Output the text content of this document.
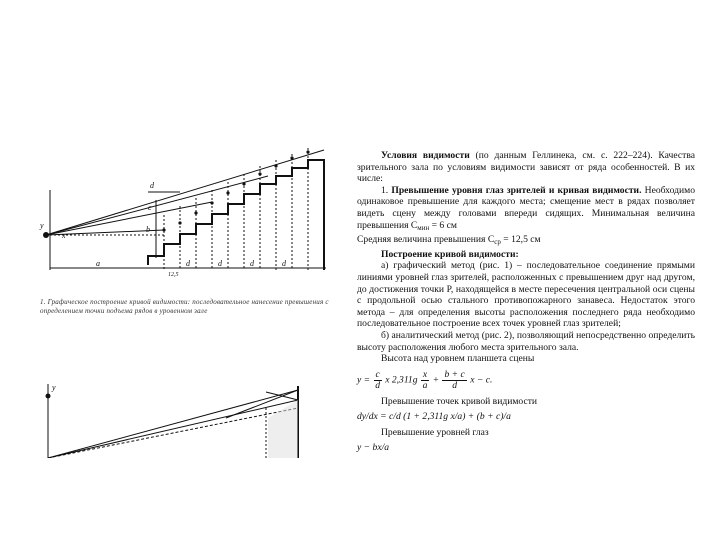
y
x
d
c
b
a
12,5
d	d	d	d
1. Графическое построение кривой видимости: последовательное нанесение превышения с определением точки подъема рядов в уровенном зале
y

Условия видимости (по данным Геллинека, см. с. 222–224). Качества зрительного зала по условиям видимости зависят от ряда особенностей. В их числе:

1. Превышение уровня глаз зрителей и кривая видимости. Необходимо одинаковое превышение для каждого места; смещение мест в рядах позволяет видеть сцену между головами впереди сидящих. Минимальная величина превышения $С_{мин} = 6$ см

Средняя величина превышения $С_{ср} = 12,5$ см

Построение кривой видимости:

а) графический метод (рис. 1) – последовательное соединение прямыми линиями уровней глаз зрителей, расположенных с превышением друг над другом, до достижения точки P, находящейся в месте пересечения центральной оси сцены с продольной осью стального противопожарного занавеса. Недостаток этого метода – для определения высоты расположения последнего ряда необходимо последовательное построение всех точек уровней глаз зрителей;

б) аналитический метод (рис. 2), позволяющий непосредственно определить высоту расположения любого места зрительного зала.

Высота над уровнем планшета сцены

$y = \frac{c}{d}$ x $2,311g \frac{x}{a} + \frac{b + c}{d}$ x − c.

Превышение точек кривой видимости

dy/dx = c/d (1 + 2,311g x/a) + (b + c)/a

Превышение уровней глаз

y − bx/a
